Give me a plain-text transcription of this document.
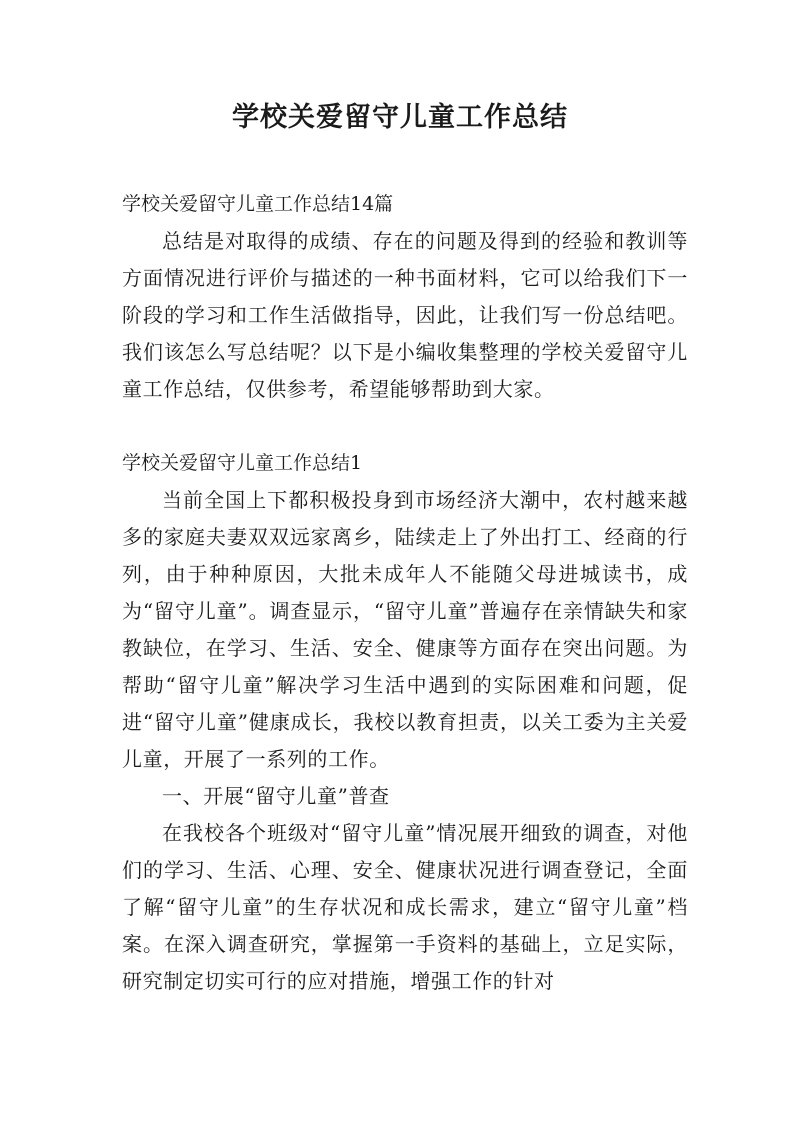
学校关爱留守儿童工作总结

学校关爱留守儿童工作总结14篇

总结是对取得的成绩、存在的问题及得到的经验和教训等方面情况进行评价与描述的一种书面材料，它可以给我们下一阶段的学习和工作生活做指导，因此，让我们写一份总结吧。我们该怎么写总结呢？以下是小编收集整理的学校关爱留守儿童工作总结，仅供参考，希望能够帮助到大家。

学校关爱留守儿童工作总结1

当前全国上下都积极投身到市场经济大潮中，农村越来越多的家庭夫妻双双远家离乡，陆续走上了外出打工、经商的行列，由于种种原因，大批未成年人不能随父母进城读书，成为“留守儿童”。调查显示，“留守儿童”普遍存在亲情缺失和家教缺位，在学习、生活、安全、健康等方面存在突出问题。为帮助“留守儿童”解决学习生活中遇到的实际困难和问题，促进“留守儿童”健康成长，我校以教育担责，以关工委为主关爱儿童，开展了一系列的工作。

一、开展“留守儿童”普查

在我校各个班级对“留守儿童”情况展开细致的调查，对他们的学习、生活、心理、安全、健康状况进行调查登记，全面了解“留守儿童”的生存状况和成长需求，建立“留守儿童”档案。在深入调查研究，掌握第一手资料的基础上，立足实际，研究制定切实可行的应对措施，增强工作的针对
